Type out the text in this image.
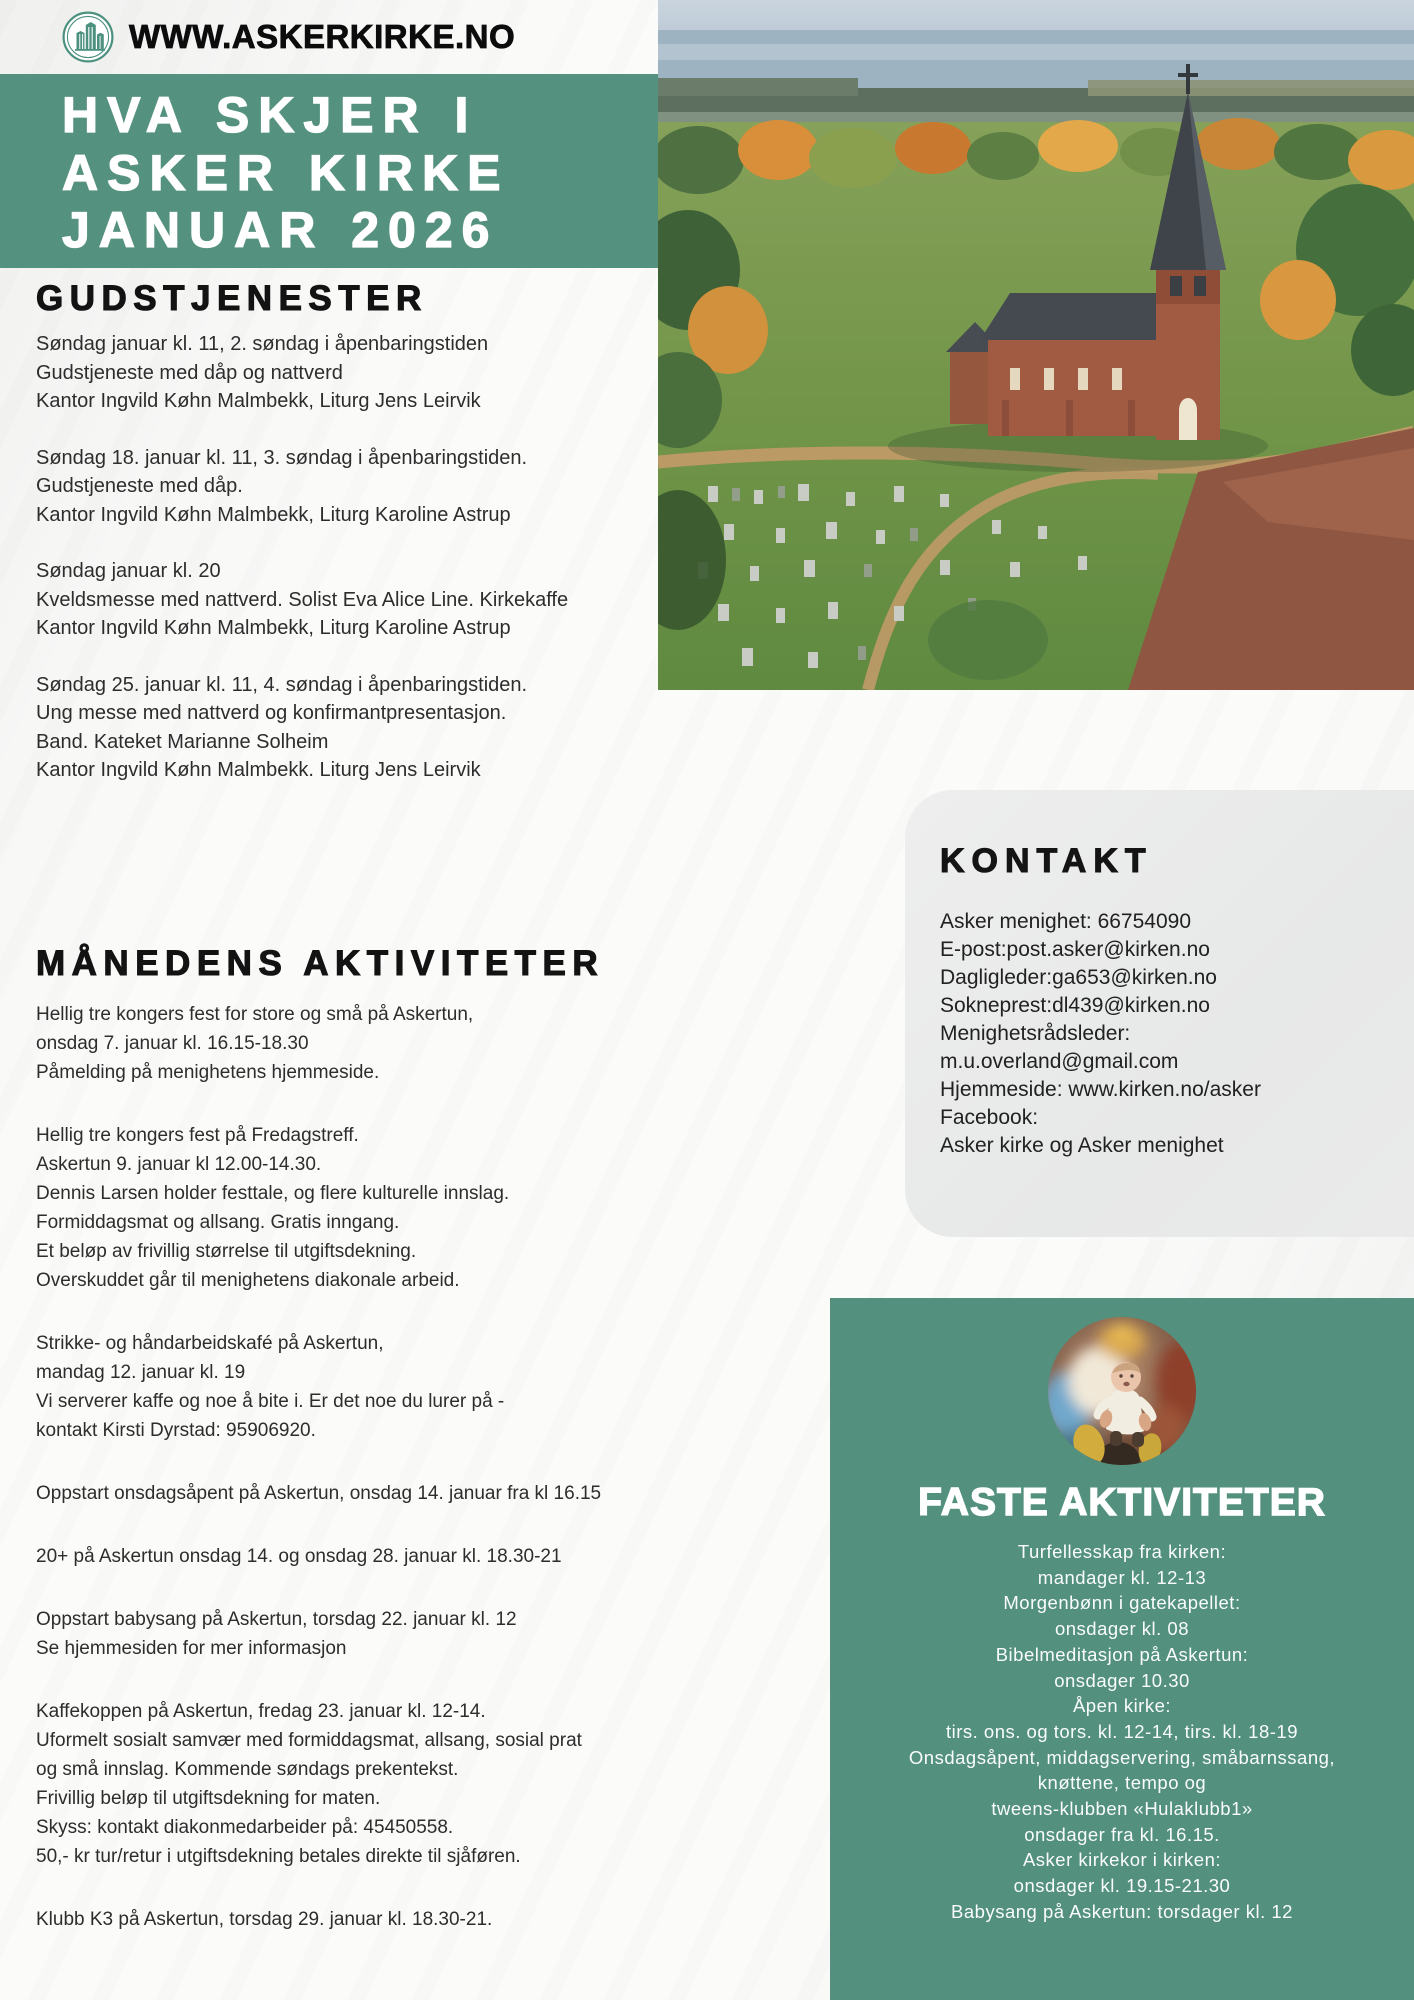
WWW.ASKERKIRKE.NO
HVA SKJER I
ASKER KIRKE
JANUAR 2026
GUDSTJENESTER
Søndag januar kl. 11, 2. søndag i åpenbaringstiden
Gudstjeneste med dåp og nattverd
Kantor Ingvild Køhn Malmbekk, Liturg Jens Leirvik
Søndag 18. januar kl. 11, 3. søndag i åpenbaringstiden.
Gudstjeneste med dåp.
Kantor Ingvild Køhn Malmbekk, Liturg Karoline Astrup
Søndag januar kl. 20
Kveldsmesse med nattverd. Solist Eva Alice Line. Kirkekaffe
Kantor Ingvild Køhn Malmbekk, Liturg Karoline Astrup
Søndag 25. januar kl. 11, 4. søndag i åpenbaringstiden.
Ung messe med nattverd og konfirmantpresentasjon.
Band. Kateket Marianne Solheim
Kantor Ingvild Køhn Malmbekk. Liturg Jens Leirvik
MÅNEDENS AKTIVITETER
Hellig tre kongers fest for store og små på Askertun,
onsdag 7. januar kl. 16.15-18.30
Påmelding på menighetens hjemmeside.
Hellig tre kongers fest på Fredagstreff.
Askertun 9. januar kl 12.00-14.30.
Dennis Larsen holder festtale, og flere kulturelle innslag.
Formiddagsmat og allsang. Gratis inngang.
Et beløp av frivillig størrelse til utgiftsdekning.
Overskuddet går til menighetens diakonale arbeid.
Strikke- og håndarbeidskafé på Askertun,
mandag 12. januar kl. 19
Vi serverer kaffe og noe å bite i. Er det noe du lurer på -
kontakt Kirsti Dyrstad: 95906920.
Oppstart onsdagsåpent på Askertun, onsdag 14. januar fra kl 16.15
20+ på Askertun onsdag 14. og onsdag 28. januar kl. 18.30-21
Oppstart babysang på Askertun, torsdag 22. januar kl. 12
Se hjemmesiden for mer informasjon
Kaffekoppen på Askertun, fredag 23. januar kl. 12-14.
Uformelt sosialt samvær med formiddagsmat, allsang, sosial prat
og små innslag. Kommende søndags prekentekst.
Frivillig beløp til utgiftsdekning for maten.
Skyss: kontakt diakonmedarbeider på: 45450558.
50,- kr tur/retur i utgiftsdekning betales direkte til sjåføren.
Klubb K3 på Askertun, torsdag 29. januar kl. 18.30-21.
KONTAKT
Asker menighet: 66754090
E-post:post.asker@kirken.no
Dagligleder:ga653@kirken.no
Sokneprest:dl439@kirken.no
Menighetsrådsleder:
m.u.overland@gmail.com
Hjemmeside: www.kirken.no/asker
Facebook:
Asker kirke og Asker menighet
FASTE AKTIVITETER
Turfellesskap fra kirken:
mandager kl. 12-13
Morgenbønn i gatekapellet:
onsdager kl. 08
Bibelmeditasjon på Askertun:
onsdager 10.30
Åpen kirke:
tirs. ons. og tors. kl. 12-14, tirs. kl. 18-19
Onsdagsåpent, middagservering, småbarnssang,
knøttene, tempo og
tweens-klubben «Hulaklubb1»
onsdager fra kl. 16.15.
Asker kirkekor i kirken:
onsdager kl. 19.15-21.30
Babysang på Askertun: torsdager kl. 12
